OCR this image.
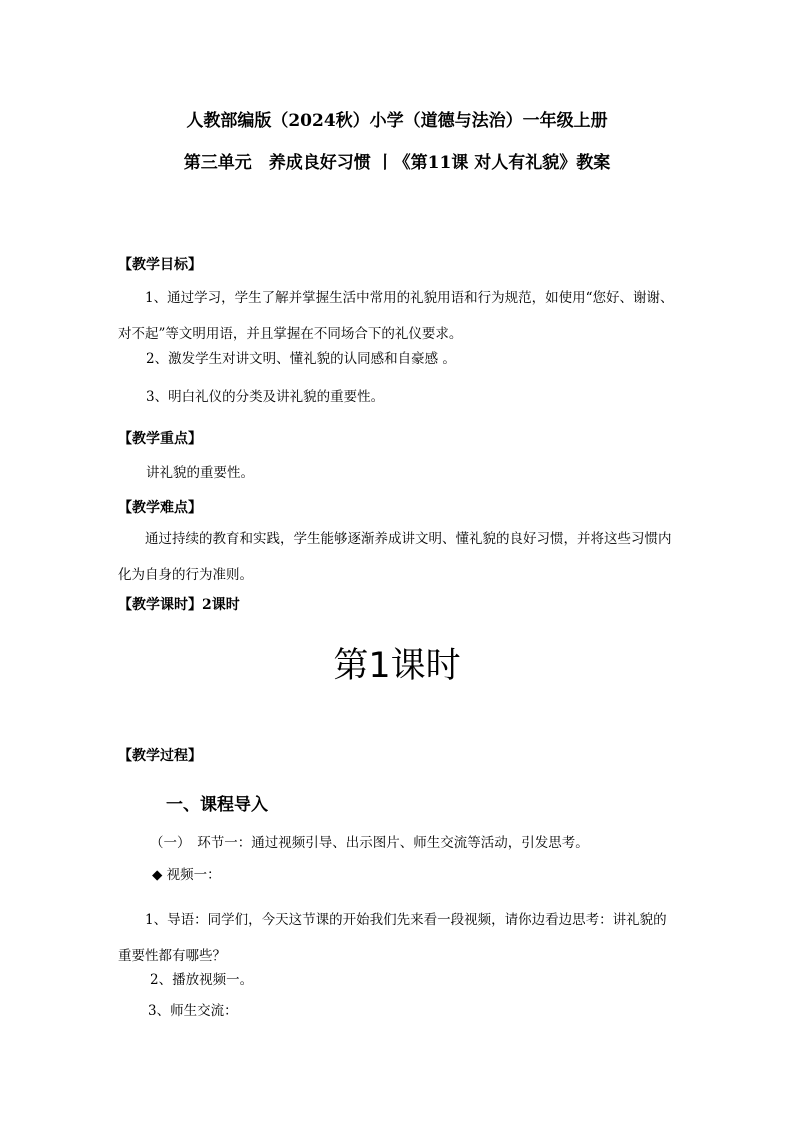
人教部编版（2024秋）小学（道德与法治）一年级上册
第三单元　养成良好习惯 丨《第11课 对人有礼貌》教案
【教学目标】
1、通过学习，学生了解并掌握生活中常用的礼貌用语和行为规范，如使用“您好、谢谢、对不起”等文明用语，并且掌握在不同场合下的礼仪要求。
2、激发学生对讲文明、懂礼貌的认同感和自豪感 。
3、明白礼仪的分类及讲礼貌的重要性。
【教学重点】
讲礼貌的重要性。
【教学难点】
通过持续的教育和实践，学生能够逐渐养成讲文明、懂礼貌的良好习惯，并将这些习惯内化为自身的行为准则。
【教学课时】2课时
第1课时
【教学过程】
一、课程导入
（一）　环节一：通过视频引导、出示图片、师生交流等活动，引发思考。
◆ 视频一：
1、导语：同学们，今天这节课的开始我们先来看一段视频，请你边看边思考：讲礼貌的重要性都有哪些？
2、播放视频一。
3、师生交流：
